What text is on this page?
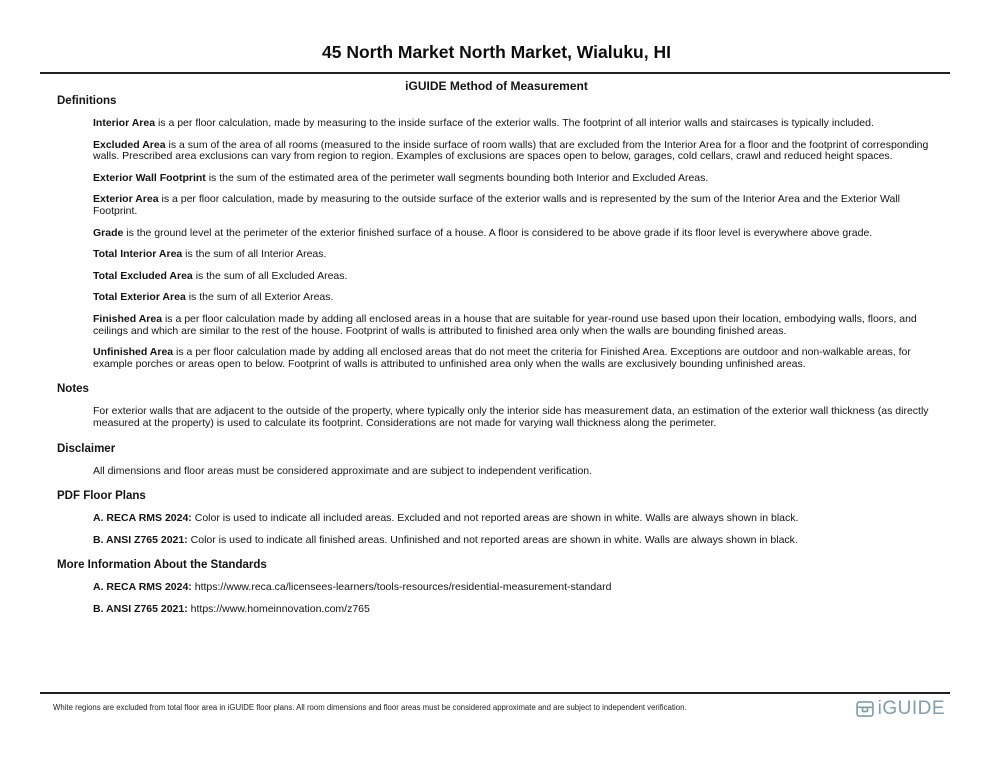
45 North Market North Market, Wialuku, HI
iGUIDE Method of Measurement
Definitions

Interior Area is a per floor calculation, made by measuring to the inside surface of the exterior walls. The footprint of all interior walls and staircases is typically included.

Excluded Area is a sum of the area of all rooms (measured to the inside surface of room walls) that are excluded from the Interior Area for a floor and the footprint of corresponding walls. Prescribed area exclusions can vary from region to region. Examples of exclusions are spaces open to below, garages, cold cellars, crawl and reduced height spaces.

Exterior Wall Footprint is the sum of the estimated area of the perimeter wall segments bounding both Interior and Excluded Areas.

Exterior Area is a per floor calculation, made by measuring to the outside surface of the exterior walls and is represented by the sum of the Interior Area and the Exterior Wall Footprint.

Grade is the ground level at the perimeter of the exterior finished surface of a house. A floor is considered to be above grade if its floor level is everywhere above grade.

Total Interior Area is the sum of all Interior Areas.

Total Excluded Area is the sum of all Excluded Areas.

Total Exterior Area is the sum of all Exterior Areas.

Finished Area is a per floor calculation made by adding all enclosed areas in a house that are suitable for year-round use based upon their location, embodying walls, floors, and ceilings and which are similar to the rest of the house. Footprint of walls is attributed to finished area only when the walls are bounding finished areas.

Unfinished Area is a per floor calculation made by adding all enclosed areas that do not meet the criteria for Finished Area. Exceptions are outdoor and non-walkable areas, for example porches or areas open to below. Footprint of walls is attributed to unfinished area only when the walls are exclusively bounding unfinished areas.

Notes

For exterior walls that are adjacent to the outside of the property, where typically only the interior side has measurement data, an estimation of the exterior wall thickness (as directly measured at the property) is used to calculate its footprint. Considerations are not made for varying wall thickness along the perimeter.

Disclaimer

All dimensions and floor areas must be considered approximate and are subject to independent verification.

PDF Floor Plans

A. RECA RMS 2024: Color is used to indicate all included areas. Excluded and not reported areas are shown in white. Walls are always shown in black.

B. ANSI Z765 2021: Color is used to indicate all finished areas. Unfinished and not reported areas are shown in white. Walls are always shown in black.

More Information About the Standards

A. RECA RMS 2024: https://www.reca.ca/licensees-learners/tools-resources/residential-measurement-standard

B. ANSI Z765 2021: https://www.homeinnovation.com/z765

White regions are excluded from total floor area in iGUIDE floor plans. All room dimensions and floor areas must be considered approximate and are subject to independent verification.	iGUIDE
